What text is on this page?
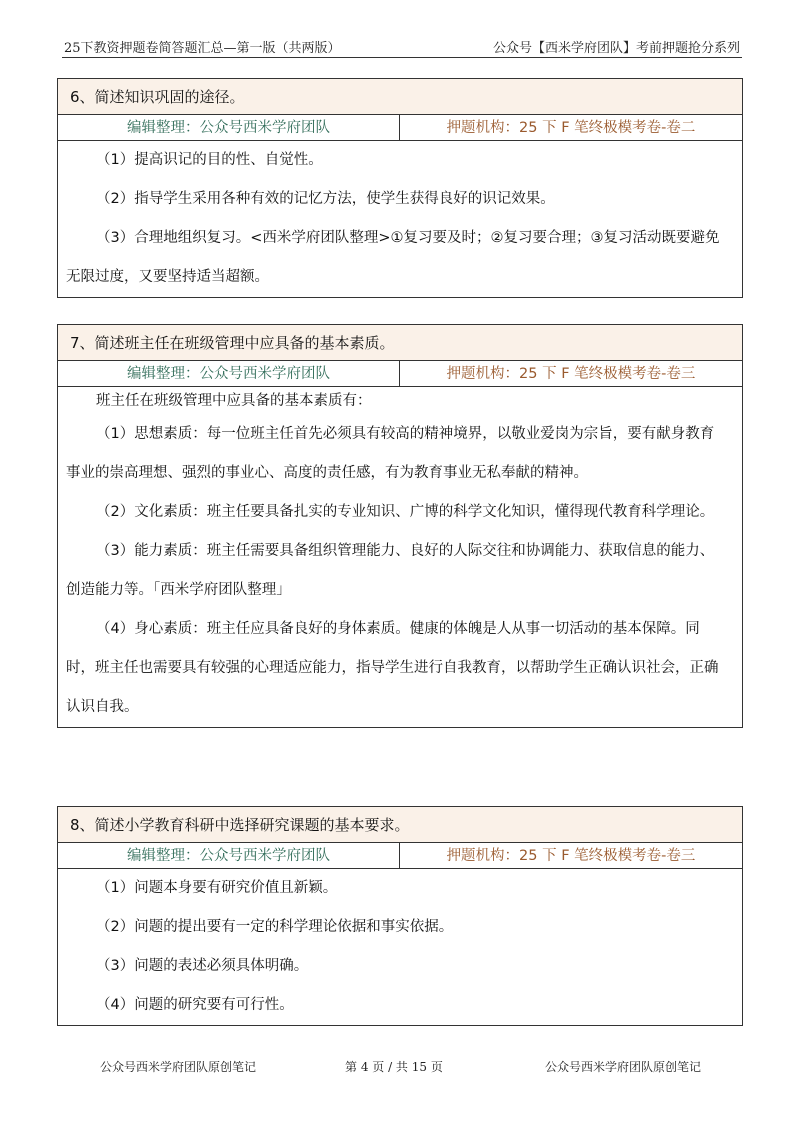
25下教资押题卷简答题汇总—第一版（共两版）	公众号【西米学府团队】考前押题抢分系列
6、简述知识巩固的途径。
编辑整理：公众号西米学府团队	押题机构：25 下 F 笔终极模考卷-卷二
（1）提高识记的目的性、自觉性。
（2）指导学生采用各种有效的记忆方法，使学生获得良好的识记效果。
（3）合理地组织复习。<西米学府团队整理>①复习要及时；②复习要合理；③复习活动既要避免无限过度，又要坚持适当超额。
7、简述班主任在班级管理中应具备的基本素质。
编辑整理：公众号西米学府团队	押题机构：25 下 F 笔终极模考卷-卷三
班主任在班级管理中应具备的基本素质有：
（1）思想素质：每一位班主任首先必须具有较高的精神境界，以敬业爱岗为宗旨，要有献身教育事业的崇高理想、强烈的事业心、高度的责任感，有为教育事业无私奉献的精神。
（2）文化素质：班主任要具备扎实的专业知识、广博的科学文化知识，懂得现代教育科学理论。
（3）能力素质：班主任需要具备组织管理能力、良好的人际交往和协调能力、获取信息的能力、创造能力等。「西米学府团队整理」
（4）身心素质：班主任应具备良好的身体素质。健康的体魄是人从事一切活动的基本保障。同时，班主任也需要具有较强的心理适应能力，指导学生进行自我教育，以帮助学生正确认识社会，正确认识自我。
8、简述小学教育科研中选择研究课题的基本要求。
编辑整理：公众号西米学府团队	押题机构：25 下 F 笔终极模考卷-卷三
（1）问题本身要有研究价值且新颖。
（2）问题的提出要有一定的科学理论依据和事实依据。
（3）问题的表述必须具体明确。
（4）问题的研究要有可行性。
公众号西米学府团队原创笔记	第 4 页 / 共 15 页	公众号西米学府团队原创笔记
